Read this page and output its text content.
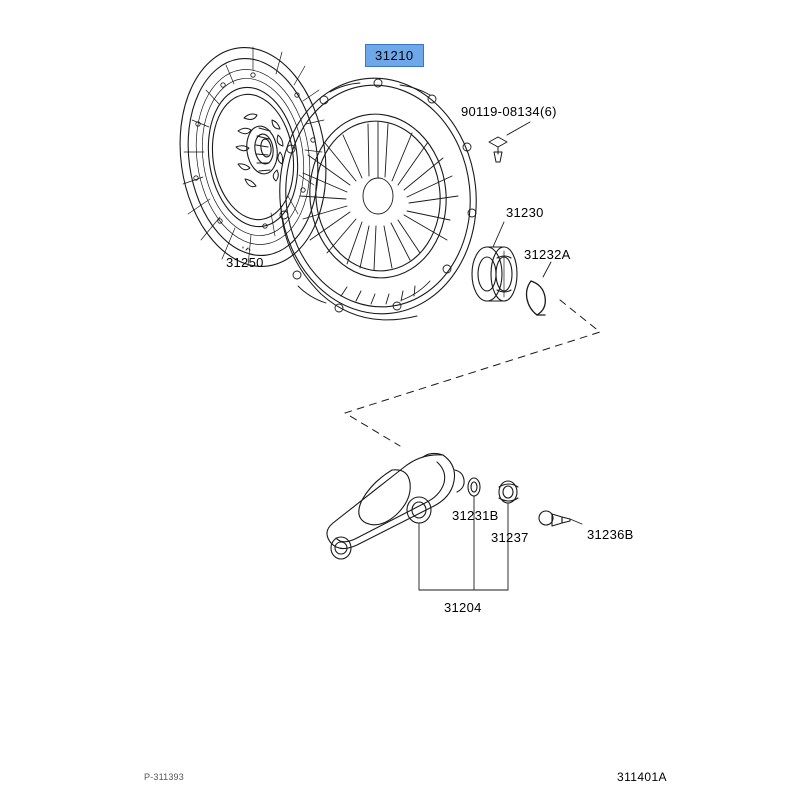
31210
90119-08134(6)
31250
31230
31232A
31231B
31237	31236B
31204
P-311393	311401A
